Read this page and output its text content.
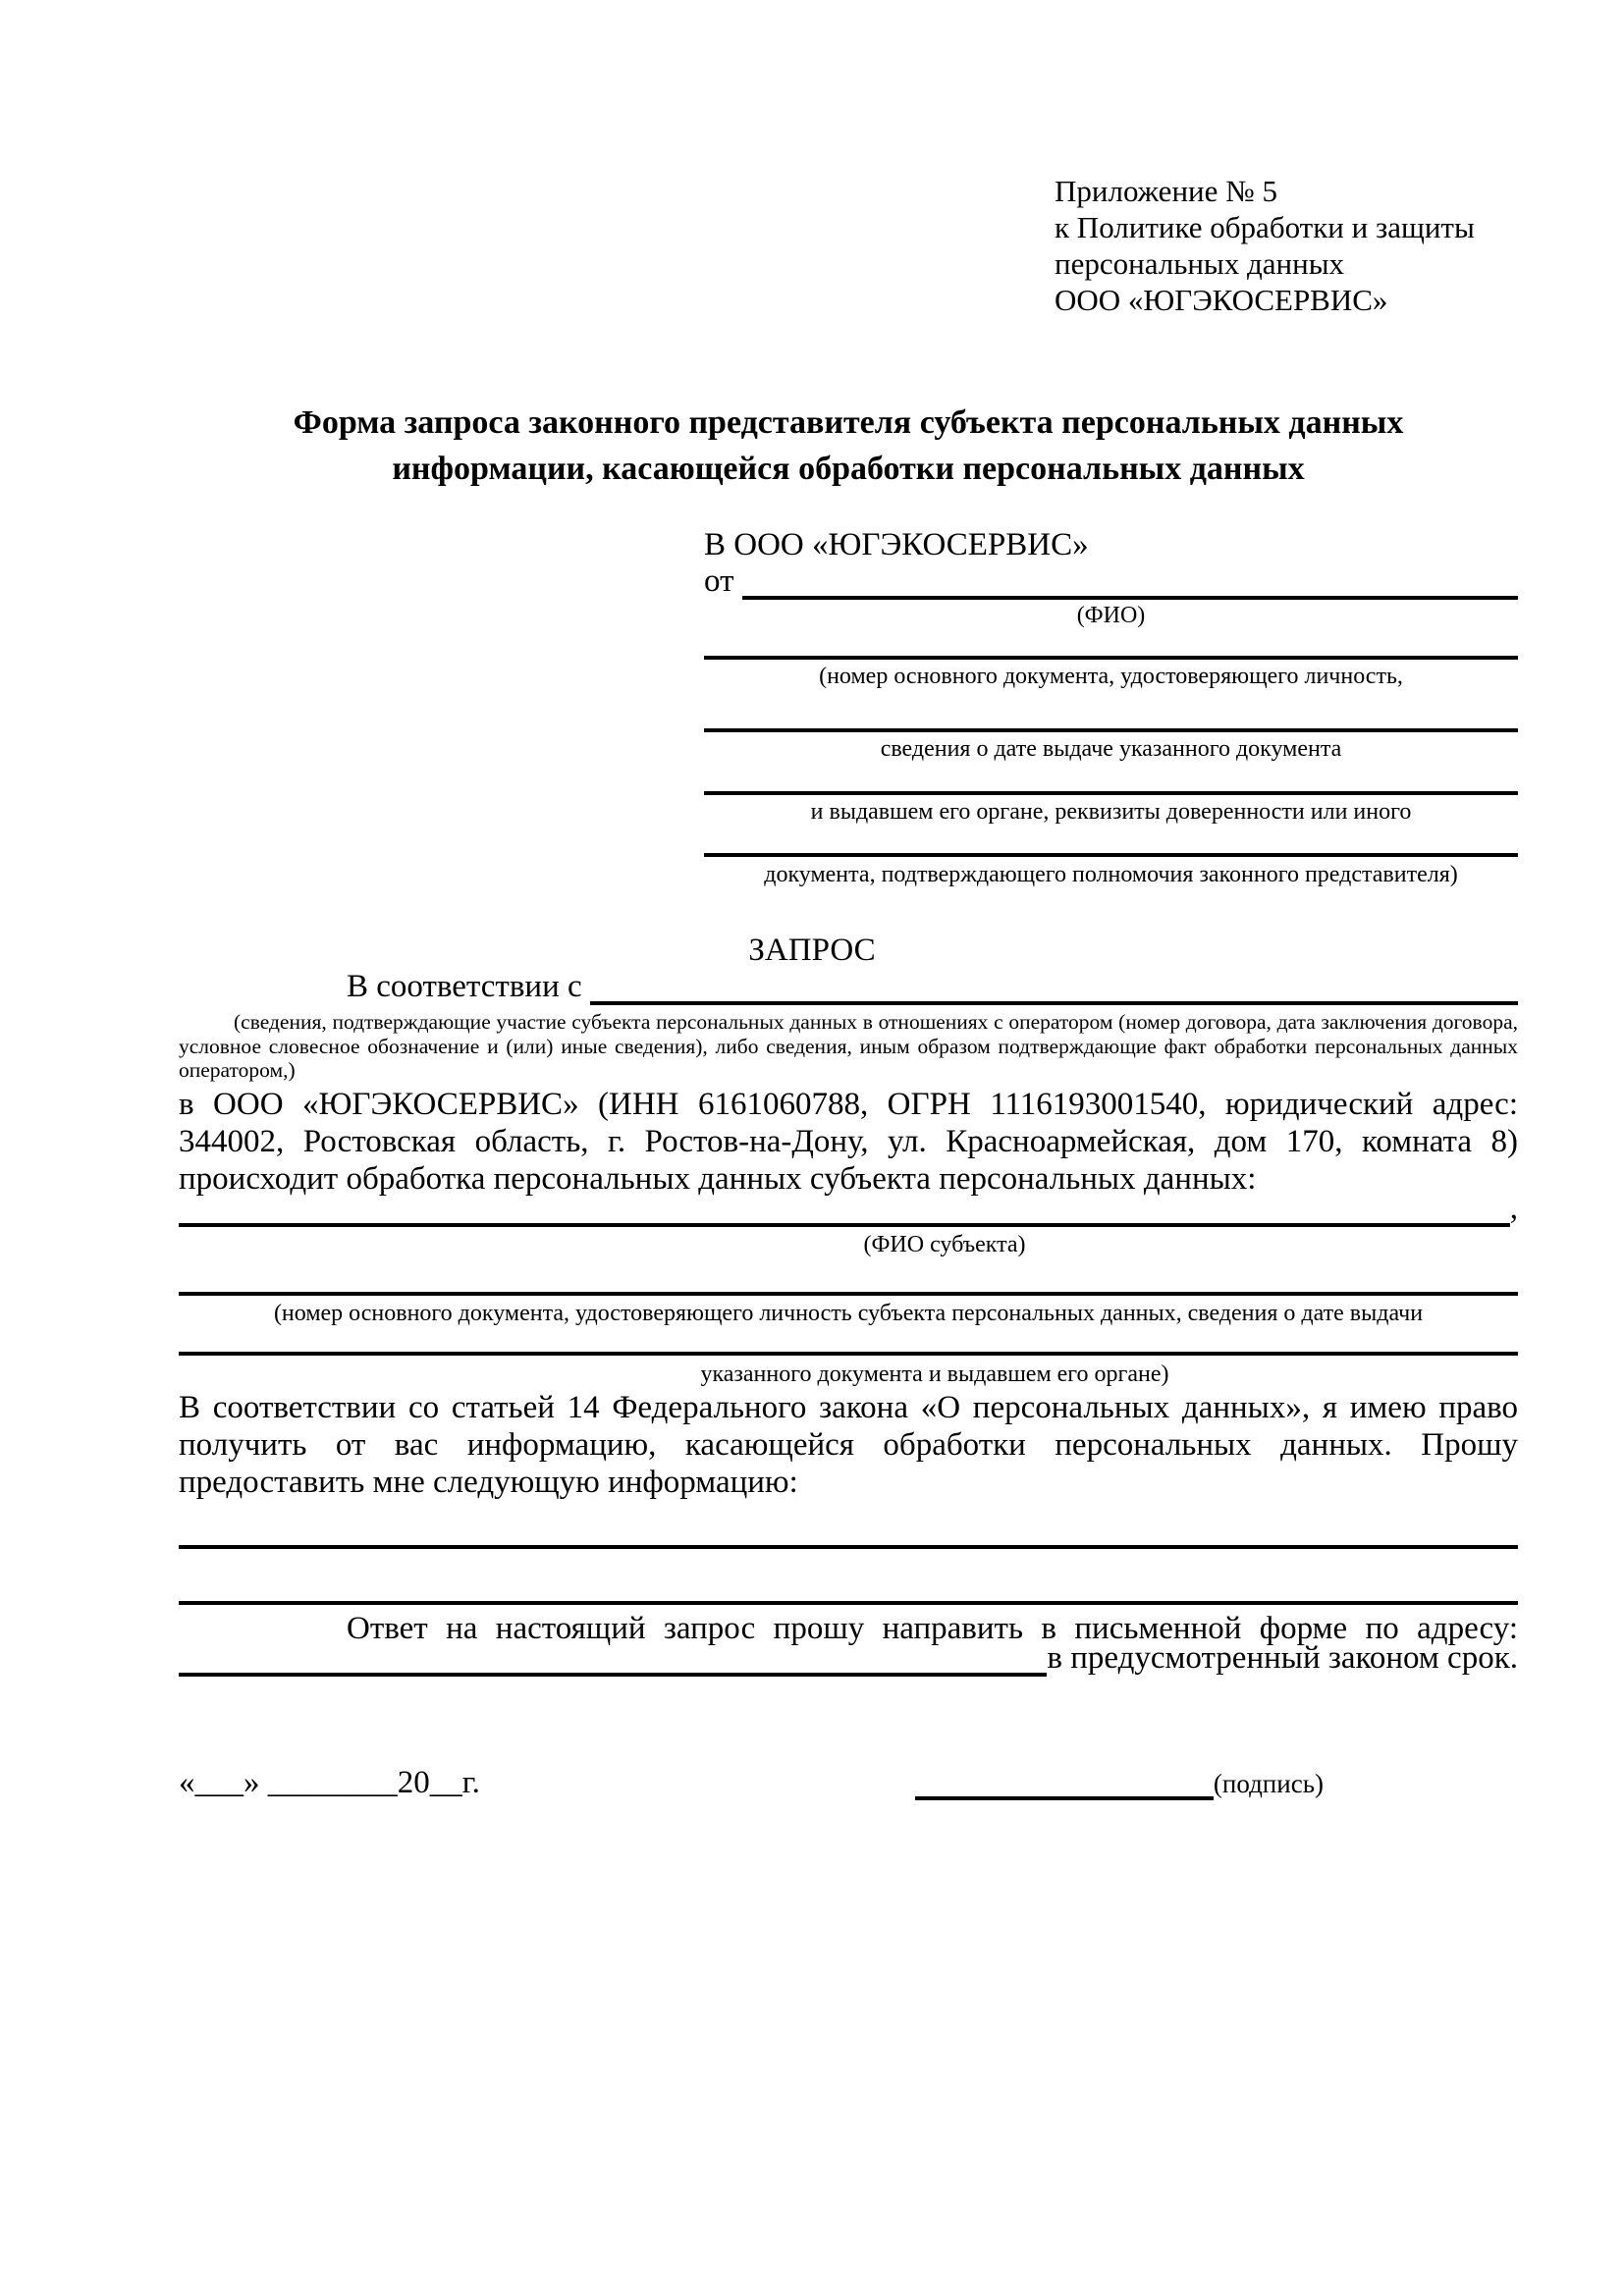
Приложение № 5
к Политике обработки и защиты
персональных данных
ООО «ЮГЭКОСЕРВИС»
Форма запроса законного представителя субъекта персональных данных
информации, касающейся обработки персональных данных
В ООО «ЮГЭКОСЕРВИС»
от

(ФИО)
(номер основного документа, удостоверяющего личность,
сведения о дате выдаче указанного документа
и выдавшем его органе, реквизиты доверенности или иного
документа, подтверждающего полномочия законного представителя)
ЗАПРОС
В соответствии с

(сведения, подтверждающие участие субъекта персональных данных в отношениях с оператором (номер договора, дата заключения договора, условное словесное обозначение и (или) иные сведения), либо сведения, иным образом подтверждающие факт обработки персональных данных оператором,)
в ООО «ЮГЭКОСЕРВИС» (ИНН 6161060788, ОГРН 1116193001540, юридический адрес: 344002, Ростовская область, г. Ростов-на-Дону, ул. Красноармейская, дом 170, комната 8) происходит обработка персональных данных субъекта персональных данных:
,
(ФИО субъекта)
(номер основного документа, удостоверяющего личность субъекта персональных данных, сведения о дате выдачи
указанного документа и выдавшем его органе)
В соответствии со статьей 14 Федерального закона «О персональных данных», я имею право получить от вас информацию, касающейся обработки персональных данных. Прошу предоставить мне следующую информацию:
Ответ на настоящий запрос прошу направить в письменной форме по адресу:
в предусмотренный законом срок.
«___» ________20__г.	(подпись)
